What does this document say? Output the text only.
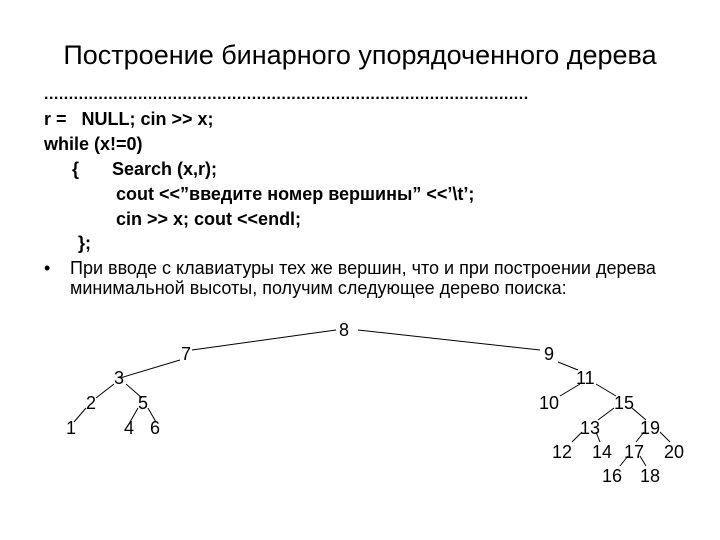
Построение бинарного упорядоченного дерева
..................................................................................................
r =   NULL; cin >> x;
while (x!=0)
{ Search (x,r);
cout <<”введите номер вершины” <<’\t’;
cin >> x; cout <<endl;
};
• При вводе с клавиатуры тех же вершин, что и при построении дерева минимальной высоты, получим следующее дерево поиска:
8
7	9
3
2 5
1	4 6
11
10	15
13 19
12 14 17 20
16 18
